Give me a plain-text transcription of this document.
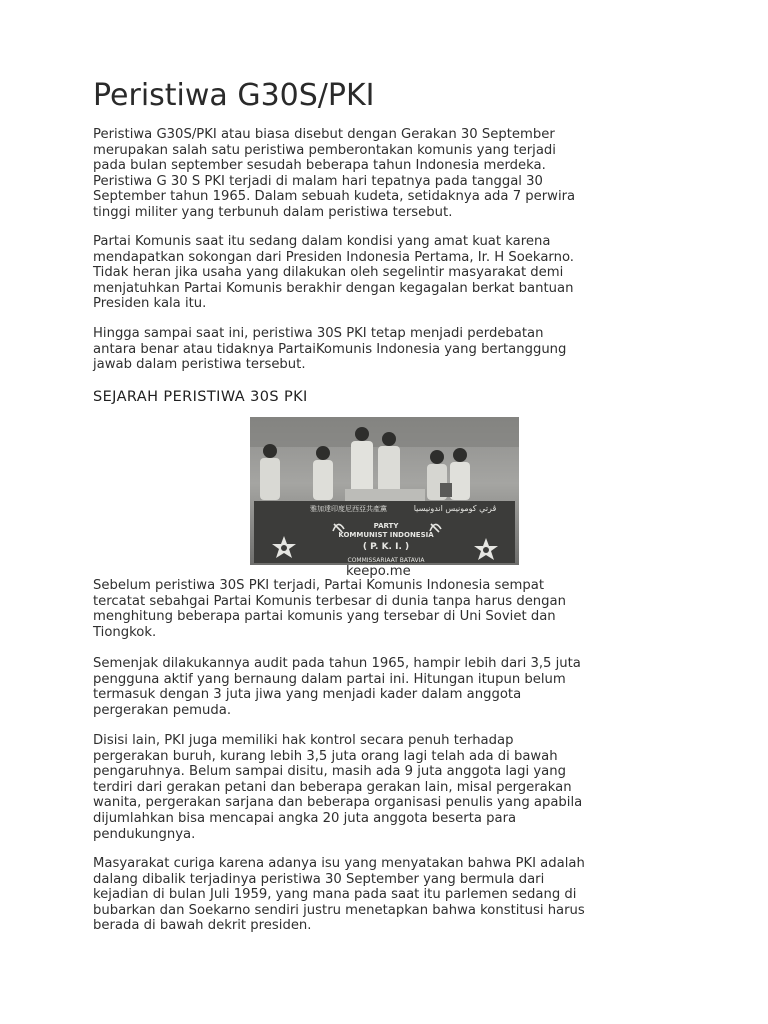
Peristiwa G30S/PKI

Peristiwa G30S/PKI atau biasa disebut dengan Gerakan 30 September
merupakan salah satu peristiwa pemberontakan komunis yang terjadi
pada bulan september sesudah beberapa tahun Indonesia merdeka.
Peristiwa G 30 S PKI terjadi di malam hari tepatnya pada tanggal 30
September tahun 1965. Dalam sebuah kudeta, setidaknya ada 7 perwira
tinggi militer yang terbunuh dalam peristiwa tersebut.

Partai Komunis saat itu sedang dalam kondisi yang amat kuat karena
mendapatkan sokongan dari Presiden Indonesia Pertama, Ir. H Soekarno.
Tidak heran jika usaha yang dilakukan oleh segelintir masyarakat demi
menjatuhkan Partai Komunis berakhir dengan kegagalan berkat bantuan
Presiden kala itu.

Hingga sampai saat ini, peristiwa 30S PKI tetap menjadi perdebatan
antara benar atau tidaknya PartaiKomunis Indonesia yang bertanggung
jawab dalam peristiwa tersebut.

SEJARAH PERISTIWA 30S PKI
雅加達印度尼西亞共產黨	ڤرتي كومونيس اندونيسيا
PARTY
KOMMUNIST INDONESIA
( P. K. I. )
COMMISSARIAAT BATAVIA
keepo.me

Sebelum peristiwa 30S PKI terjadi, Partai Komunis Indonesia sempat
tercatat sebahgai Partai Komunis terbesar di dunia tanpa harus dengan
menghitung beberapa partai komunis yang tersebar di Uni Soviet dan
Tiongkok.

Semenjak dilakukannya audit pada tahun 1965, hampir lebih dari 3,5 juta
pengguna aktif yang bernaung dalam partai ini. Hitungan itupun belum
termasuk dengan 3 juta jiwa yang menjadi kader dalam anggota
pergerakan pemuda.

Disisi lain, PKI juga memiliki hak kontrol secara penuh terhadap
pergerakan buruh, kurang lebih 3,5 juta orang lagi telah ada di bawah
pengaruhnya. Belum sampai disitu, masih ada 9 juta anggota lagi yang
terdiri dari gerakan petani dan beberapa gerakan lain, misal pergerakan
wanita, pergerakan sarjana dan beberapa organisasi penulis yang apabila
dijumlahkan bisa mencapai angka 20 juta anggota beserta para
pendukungnya.

Masyarakat curiga karena adanya isu yang menyatakan bahwa PKI adalah
dalang dibalik terjadinya peristiwa 30 September yang bermula dari
kejadian di bulan Juli 1959, yang mana pada saat itu parlemen sedang di
bubarkan dan Soekarno sendiri justru menetapkan bahwa konstitusi harus
berada di bawah dekrit presiden.
